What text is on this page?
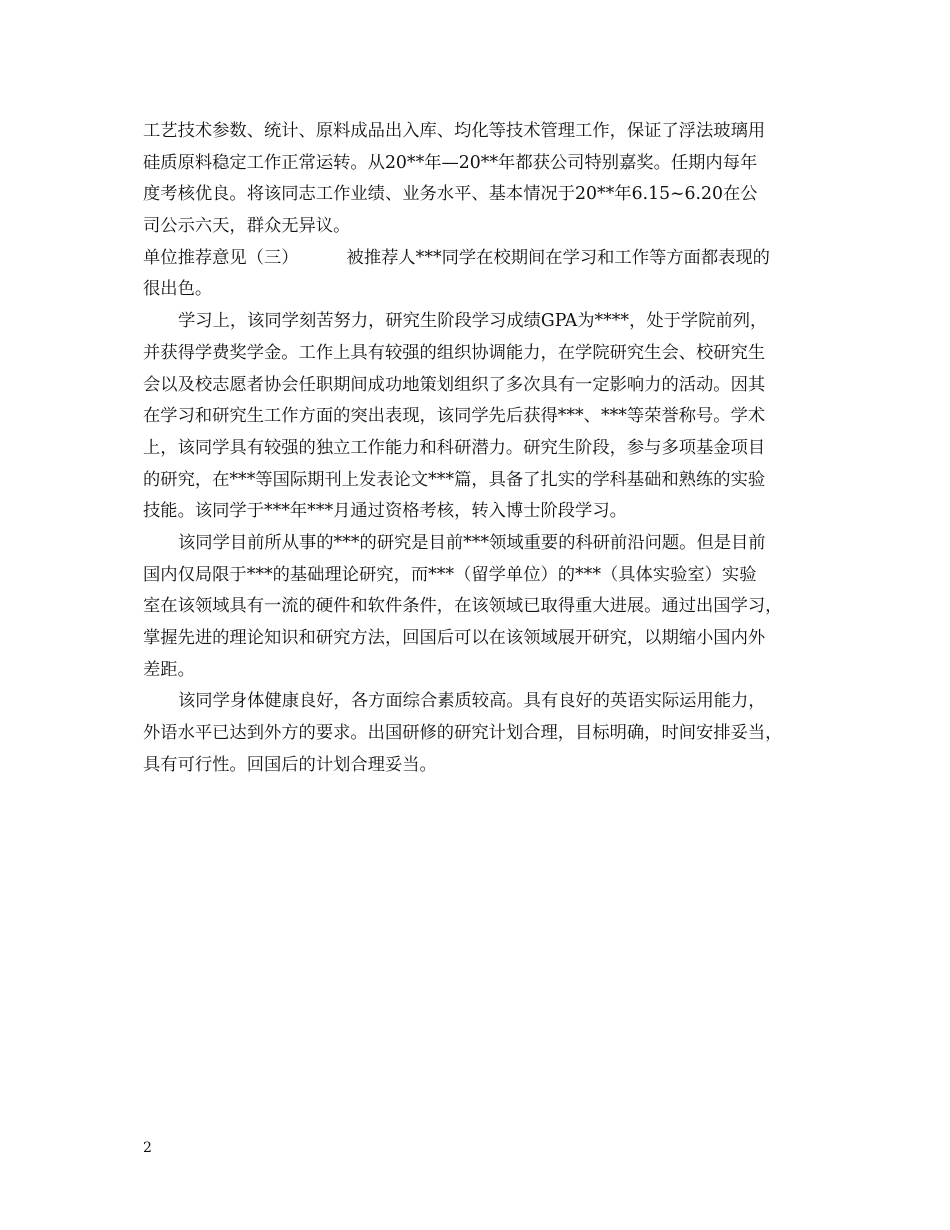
工艺技术参数、统计、原料成品出入库、均化等技术管理工作，保证了浮法玻璃用
硅质原料稳定工作正常运转。从20**年—20**年都获公司特别嘉奖。任期内每年
度考核优良。将该同志工作业绩、业务水平、基本情况于20**年6.15~6.20在公
司公示六天，群众无异议。
单位推荐意见（三）	被推荐人***同学在校期间在学习和工作等方面都表现的
很出色。
学习上，该同学刻苦努力，研究生阶段学习成绩GPA为****，处于学院前列，
并获得学费奖学金。工作上具有较强的组织协调能力，在学院研究生会、校研究生
会以及校志愿者协会任职期间成功地策划组织了多次具有一定影响力的活动。因其
在学习和研究生工作方面的突出表现，该同学先后获得***、***等荣誉称号。学术
上，该同学具有较强的独立工作能力和科研潜力。研究生阶段，参与多项基金项目
的研究，在***等国际期刊上发表论文***篇，具备了扎实的学科基础和熟练的实验
技能。该同学于***年***月通过资格考核，转入博士阶段学习。
该同学目前所从事的***的研究是目前***领域重要的科研前沿问题。但是目前
国内仅局限于***的基础理论研究，而***（留学单位）的***（具体实验室）实验
室在该领域具有一流的硬件和软件条件，在该领域已取得重大进展。通过出国学习，
掌握先进的理论知识和研究方法，回国后可以在该领域展开研究，以期缩小国内外
差距。
该同学身体健康良好，各方面综合素质较高。具有良好的英语实际运用能力，
外语水平已达到外方的要求。出国研修的研究计划合理，目标明确，时间安排妥当，
具有可行性。回国后的计划合理妥当。
2
